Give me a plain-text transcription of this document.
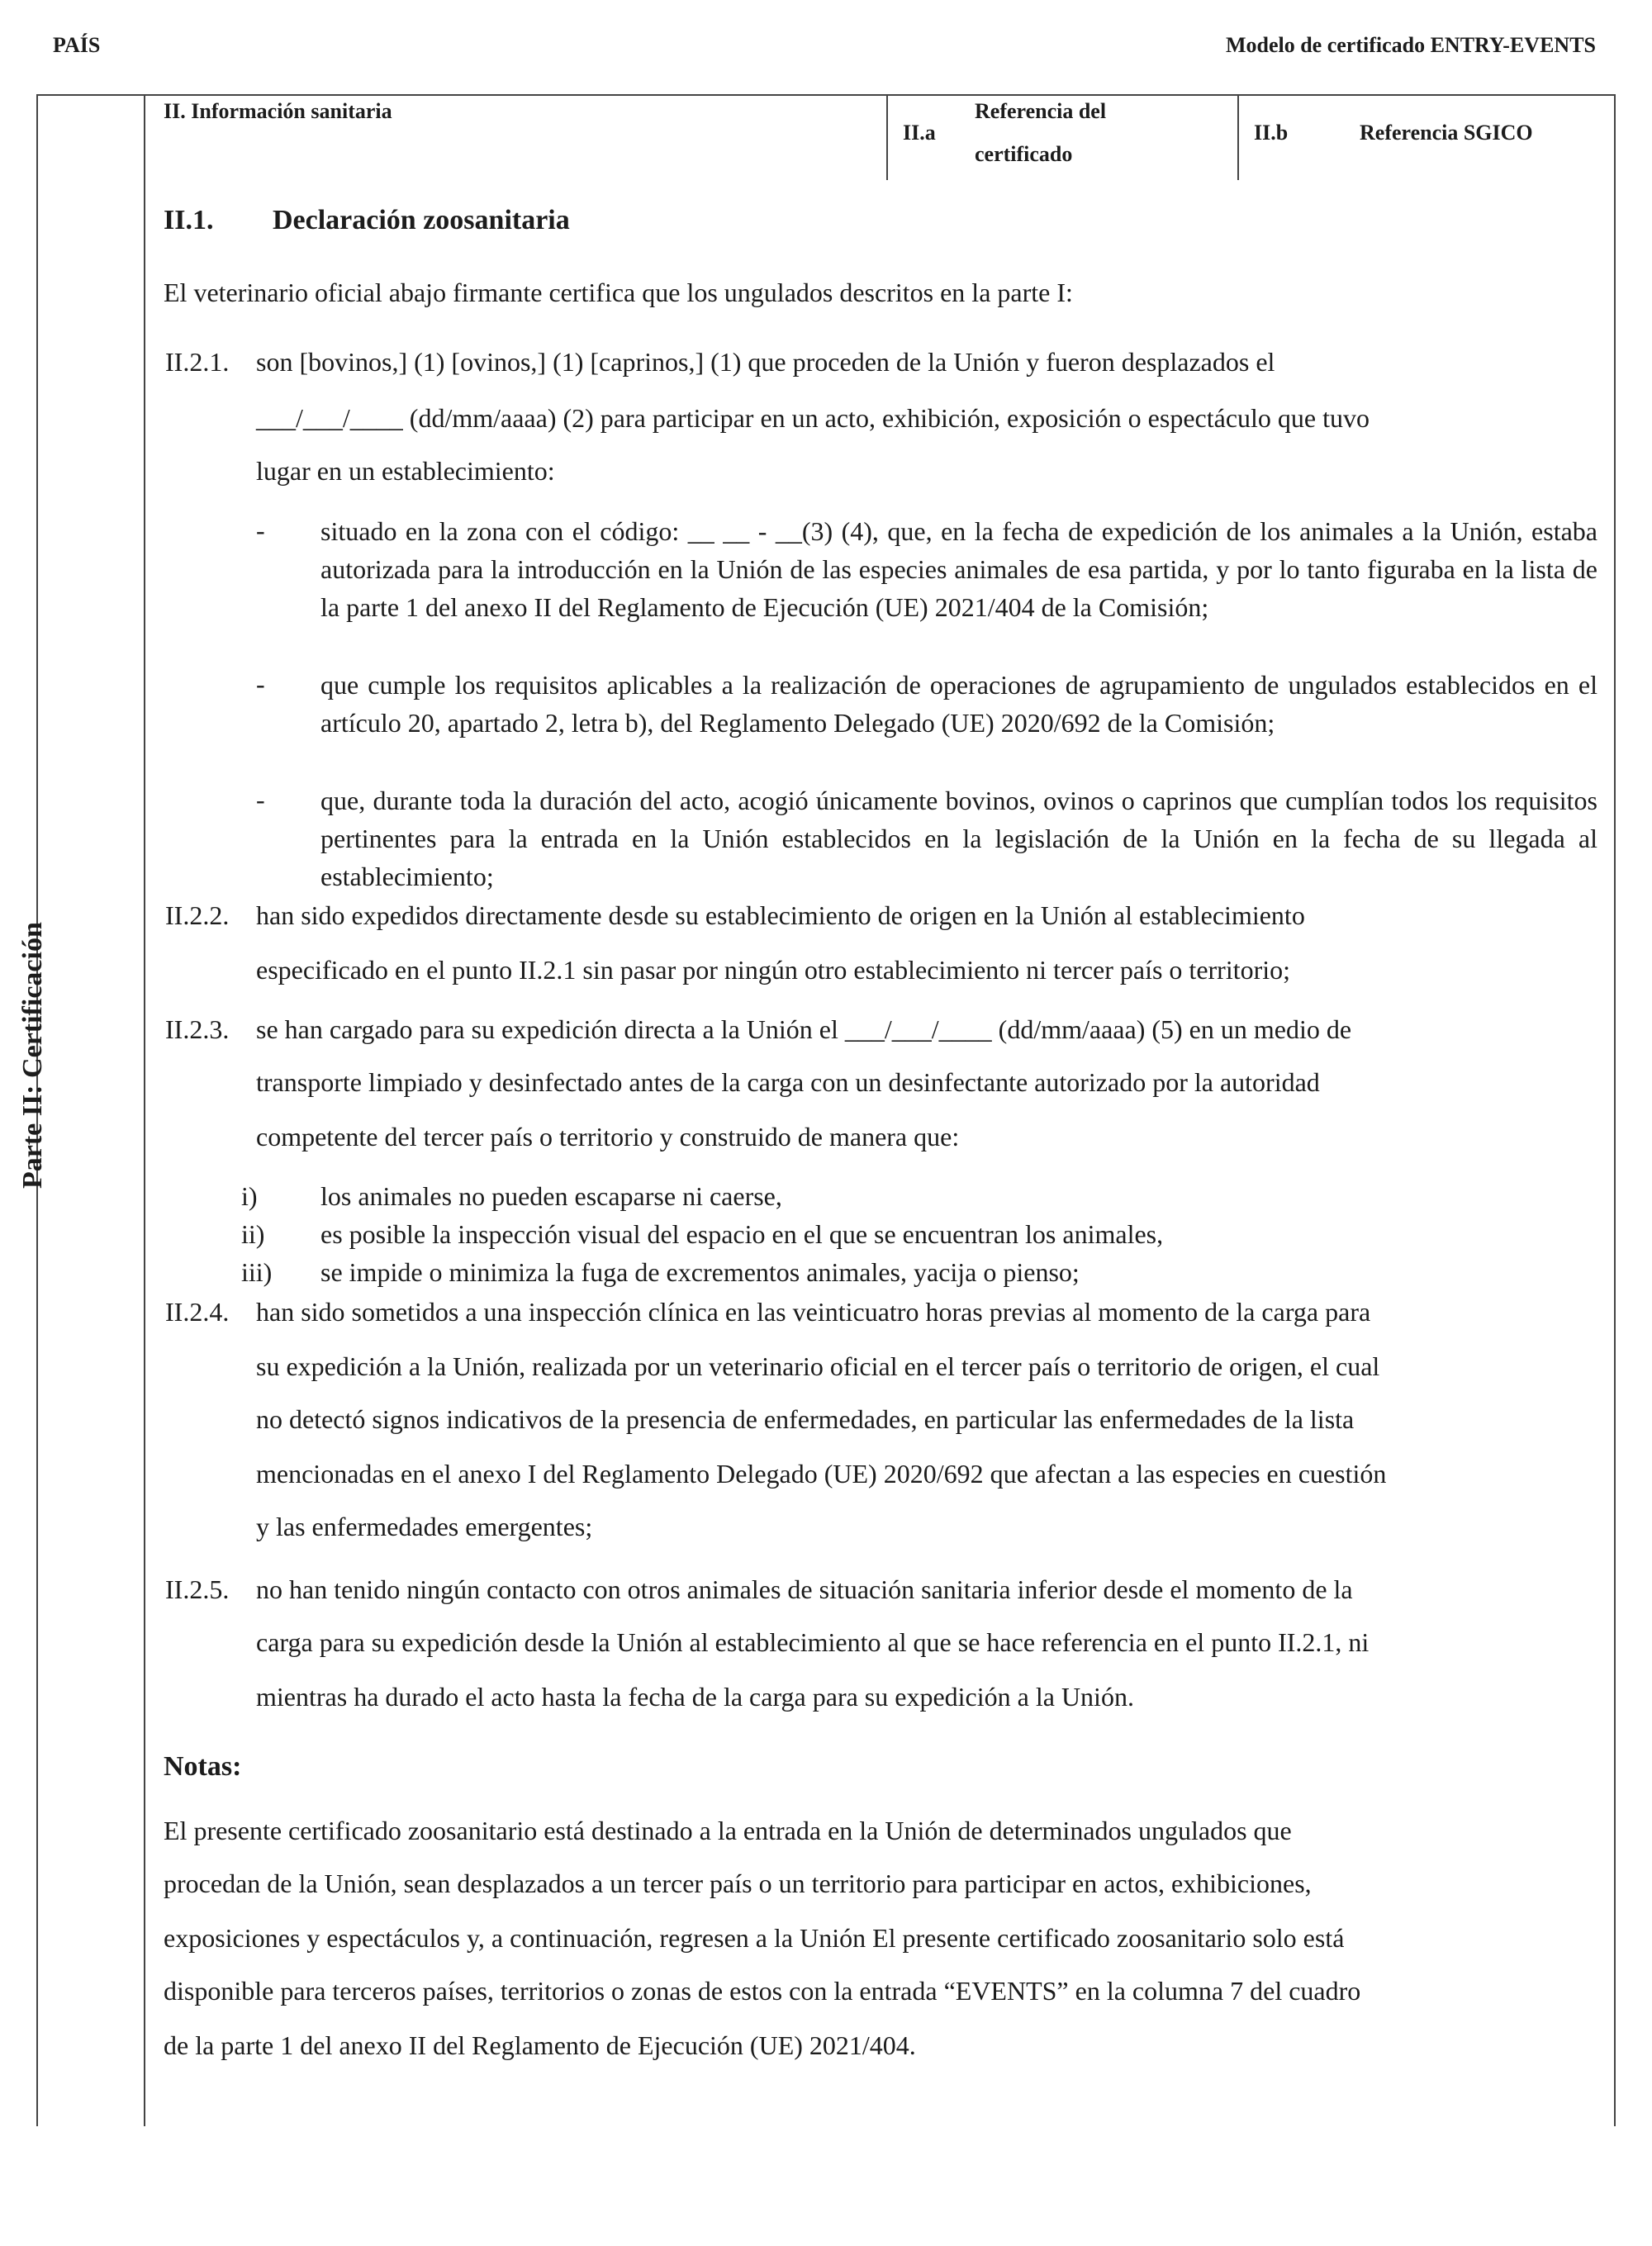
PAÍS	Modelo de certificado ENTRY-EVENTS
Parte II: Certificación
II. Información sanitaria
II.a
Referencia del
certificado
II.b	Referencia SGICO
II.1. Declaración zoosanitaria
El veterinario oficial abajo firmante certifica que los ungulados descritos en la parte I:
II.2.1. son [bovinos,] (1) [ovinos,] (1) [caprinos,] (1) que proceden de la Unión y fueron desplazados el
___/___/____ (dd/mm/aaaa) (2) para participar en un acto, exhibición, exposición o espectáculo que tuvo
lugar en un establecimiento:
- situado en la zona con el código: __ __ - __(3) (4), que, en la fecha de expedición de los animales a la Unión, estaba autorizada para la introducción en la Unión de las especies animales de esa partida, y por lo tanto figuraba en la lista de la parte 1 del anexo II del Reglamento de Ejecución (UE) 2021/404 de la Comisión;
- que cumple los requisitos aplicables a la realización de operaciones de agrupamiento de ungulados establecidos en el artículo 20, apartado 2, letra b), del Reglamento Delegado (UE) 2020/692 de la Comisión;
- que, durante toda la duración del acto, acogió únicamente bovinos, ovinos o caprinos que cumplían todos los requisitos pertinentes para la entrada en la Unión establecidos en la legislación de la Unión en la fecha de su llegada al establecimiento;
II.2.2. han sido expedidos directamente desde su establecimiento de origen en la Unión al establecimiento
especificado en el punto II.2.1 sin pasar por ningún otro establecimiento ni tercer país o territorio;
II.2.3. se han cargado para su expedición directa a la Unión el ___/___/____ (dd/mm/aaaa) (5) en un medio de
transporte limpiado y desinfectado antes de la carga con un desinfectante autorizado por la autoridad
competente del tercer país o territorio y construido de manera que:
i) los animales no pueden escaparse ni caerse,
ii) es posible la inspección visual del espacio en el que se encuentran los animales,
iii) se impide o minimiza la fuga de excrementos animales, yacija o pienso;
II.2.4. han sido sometidos a una inspección clínica en las veinticuatro horas previas al momento de la carga para
su expedición a la Unión, realizada por un veterinario oficial en el tercer país o territorio de origen, el cual
no detectó signos indicativos de la presencia de enfermedades, en particular las enfermedades de la lista
mencionadas en el anexo I del Reglamento Delegado (UE) 2020/692 que afectan a las especies en cuestión
y las enfermedades emergentes;
II.2.5. no han tenido ningún contacto con otros animales de situación sanitaria inferior desde el momento de la
carga para su expedición desde la Unión al establecimiento al que se hace referencia en el punto II.2.1, ni
mientras ha durado el acto hasta la fecha de la carga para su expedición a la Unión.
Notas:
El presente certificado zoosanitario está destinado a la entrada en la Unión de determinados ungulados que
procedan de la Unión, sean desplazados a un tercer país o un territorio para participar en actos, exhibiciones,
exposiciones y espectáculos y, a continuación, regresen a la Unión El presente certificado zoosanitario solo está
disponible para terceros países, territorios o zonas de estos con la entrada “EVENTS” en la columna 7 del cuadro
de la parte 1 del anexo II del Reglamento de Ejecución (UE) 2021/404.
